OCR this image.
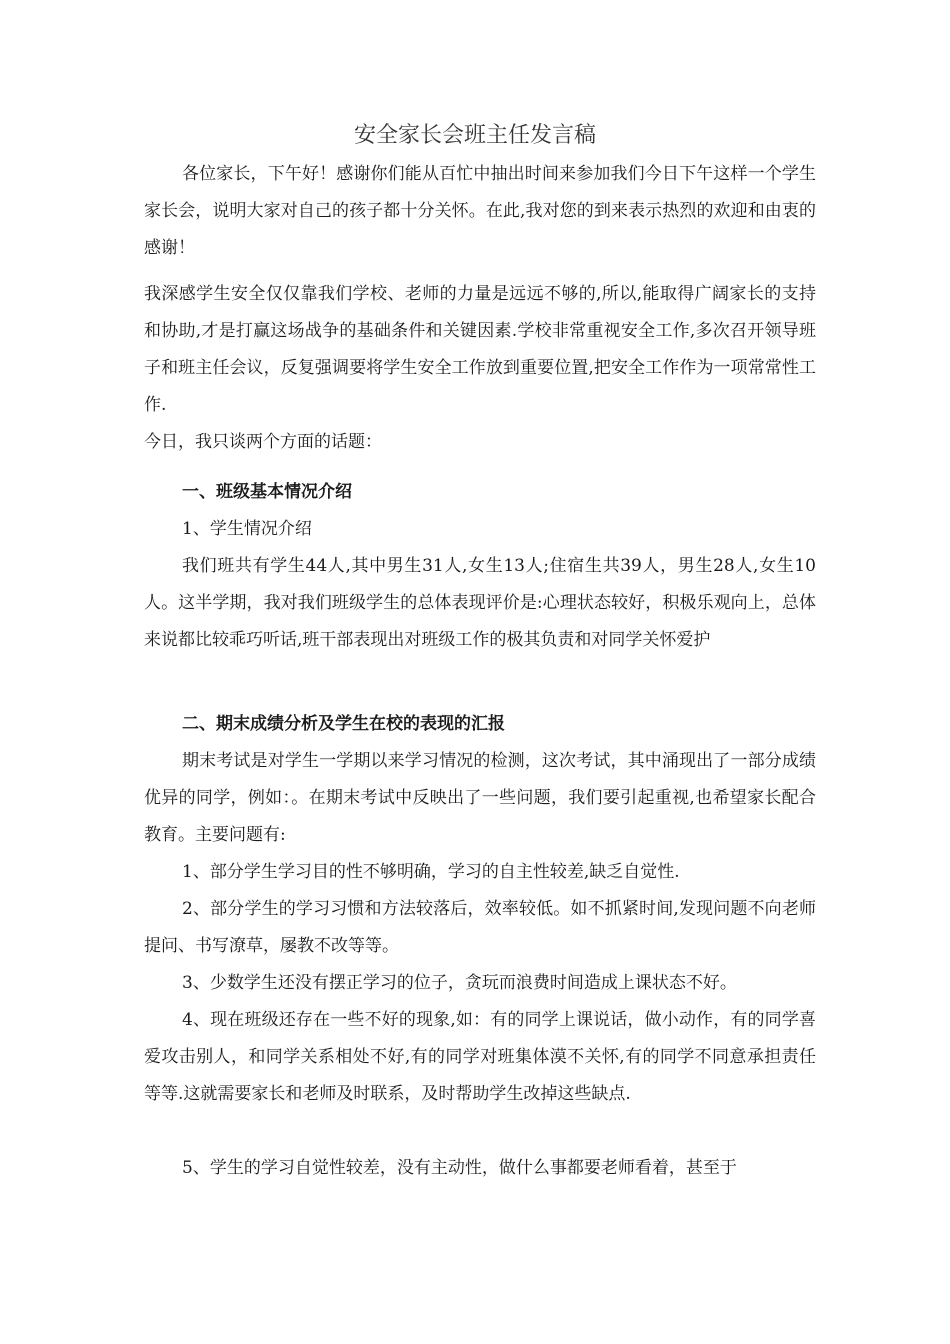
安全家长会班主任发言稿

各位家长，下午好！感谢你们能从百忙中抽出时间来参加我们今日下午这样一个学生家长会，说明大家对自己的孩子都十分关怀。在此,我对您的到来表示热烈的欢迎和由衷的感谢！

我深感学生安全仅仅靠我们学校、老师的力量是远远不够的,所以,能取得广阔家长的支持和协助,才是打赢这场战争的基础条件和关键因素.学校非常重视安全工作,多次召开领导班子和班主任会议，反复强调要将学生安全工作放到重要位置,把安全工作作为一项常常性工作.

今日，我只谈两个方面的话题：

一、班级基本情况介绍

1、学生情况介绍

我们班共有学生44人,其中男生31人,女生13人;住宿生共39人，男生28人,女生10人。这半学期，我对我们班级学生的总体表现评价是:心理状态较好，积极乐观向上，总体来说都比较乖巧听话,班干部表现出对班级工作的极其负责和对同学关怀爱护

二、期末成绩分析及学生在校的表现的汇报

期末考试是对学生一学期以来学习情况的检测，这次考试，其中涌现出了一部分成绩优异的同学，例如：。在期末考试中反映出了一些问题，我们要引起重视,也希望家长配合教育。主要问题有:

1、部分学生学习目的性不够明确，学习的自主性较差,缺乏自觉性.

2、部分学生的学习习惯和方法较落后，效率较低。如不抓紧时间,发现问题不向老师提问、书写潦草，屡教不改等等。

3、少数学生还没有摆正学习的位子，贪玩而浪费时间造成上课状态不好。

4、现在班级还存在一些不好的现象,如：有的同学上课说话，做小动作，有的同学喜爱攻击别人，和同学关系相处不好,有的同学对班集体漠不关怀,有的同学不同意承担责任等等.这就需要家长和老师及时联系，及时帮助学生改掉这些缺点.

5、学生的学习自觉性较差，没有主动性，做什么事都要老师看着，甚至于
